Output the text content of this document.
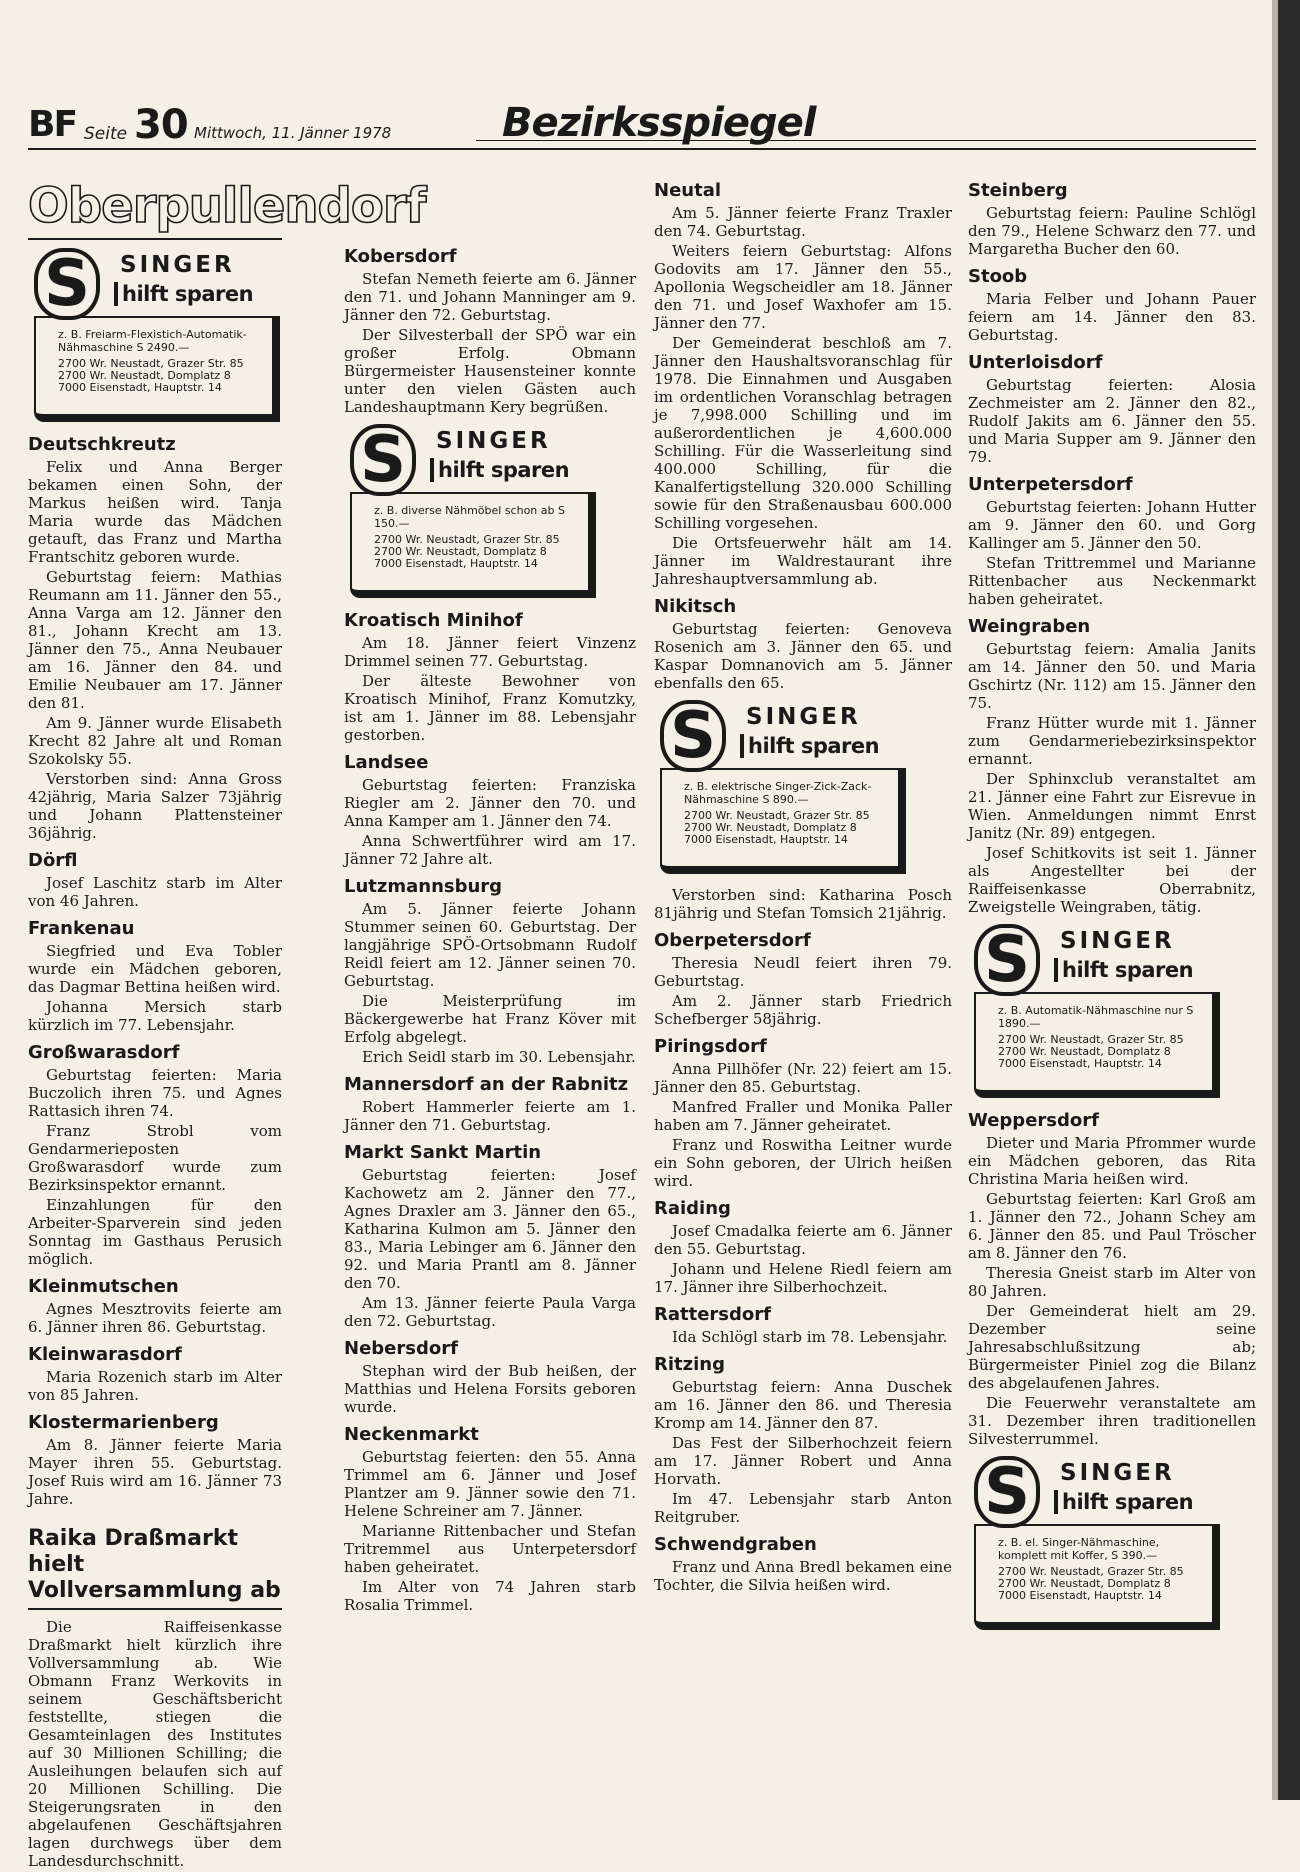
BF Seite 30 Mittwoch, 11. Jänner 1978	Bezirksspiegel
Oberpullendorf
S	SINGER
hilft sparen
z. B. Freiarm-Flexistich-Automatik-Nähmaschine S 2490.—
2700 Wr. Neustadt, Grazer Str. 85
2700 Wr. Neustadt, Domplatz 8
7000 Eisenstadt, Hauptstr. 14
Deutschkreutz

Felix und Anna Berger bekamen einen Sohn, der Markus heißen wird. Tanja Maria wurde das Mädchen getauft, das Franz und Martha Frantschitz geboren wurde.

Geburtstag feiern: Mathias Reumann am 11. Jänner den 55., Anna Varga am 12. Jänner den 81., Johann Krecht am 13. Jänner den 75., Anna Neubauer am 16. Jänner den 84. und Emilie Neubauer am 17. Jänner den 81.

Am 9. Jänner wurde Elisabeth Krecht 82 Jahre alt und Roman Szokolsky 55.

Verstorben sind: Anna Gross 42jährig, Maria Salzer 73jährig und Johann Plattensteiner 36jährig.

Dörfl

Josef Laschitz starb im Alter von 46 Jahren.

Frankenau

Siegfried und Eva Tobler wurde ein Mädchen geboren, das Dagmar Bettina heißen wird.

Johanna Mersich starb kürzlich im 77. Lebensjahr.

Großwarasdorf

Geburtstag feierten: Maria Buczolich ihren 75. und Agnes Rattasich ihren 74.

Franz Strobl vom Gendarmerieposten Großwarasdorf wurde zum Bezirksinspektor ernannt.

Einzahlungen für den Arbeiter-Sparverein sind jeden Sonntag im Gasthaus Perusich möglich.

Kleinmutschen

Agnes Mesztrovits feierte am 6. Jänner ihren 86. Geburtstag.

Kleinwarasdorf

Maria Rozenich starb im Alter von 85 Jahren.

Klostermarienberg

Am 8. Jänner feierte Maria Mayer ihren 55. Geburtstag. Josef Ruis wird am 16. Jänner 73 Jahre.

Raika Draßmarkt hielt Vollversammlung ab

Die Raiffeisenkasse Draßmarkt hielt kürzlich ihre Vollversammlung ab. Wie Obmann Franz Werkovits in seinem Geschäftsbericht feststellte, stiegen die Gesamteinlagen des Institutes auf 30 Millionen Schilling; die Ausleihungen belaufen sich auf 20 Millionen Schilling. Die Steigerungsraten in den abgelaufenen Geschäftsjahren lagen durchwegs über dem Landesdurchschnitt.

Kobersdorf

Stefan Nemeth feierte am 6. Jänner den 71. und Johann Manninger am 9. Jänner den 72. Geburtstag.

Der Silvesterball der SPÖ war ein großer Erfolg. Obmann Bürgermeister Hausensteiner konnte unter den vielen Gästen auch Landeshauptmann Kery begrüßen.

S	SINGER
hilft sparen
z. B. diverse Nähmöbel schon ab S 150.—
2700 Wr. Neustadt, Grazer Str. 85
2700 Wr. Neustadt, Domplatz 8
7000 Eisenstadt, Hauptstr. 14
Kroatisch Minihof

Am 18. Jänner feiert Vinzenz Drimmel seinen 77. Geburtstag.

Der älteste Bewohner von Kroatisch Minihof, Franz Komutzky, ist am 1. Jänner im 88. Lebensjahr gestorben.

Landsee

Geburtstag feierten: Franziska Riegler am 2. Jänner den 70. und Anna Kamper am 1. Jänner den 74.

Anna Schwertführer wird am 17. Jänner 72 Jahre alt.

Lutzmannsburg

Am 5. Jänner feierte Johann Stummer seinen 60. Geburtstag. Der langjährige SPÖ-Ortsobmann Rudolf Reidl feiert am 12. Jänner seinen 70. Geburtstag.

Die Meisterprüfung im Bäckergewerbe hat Franz Köver mit Erfolg abgelegt.

Erich Seidl starb im 30. Lebensjahr.

Mannersdorf an der Rabnitz

Robert Hammerler feierte am 1. Jänner den 71. Geburtstag.

Markt Sankt Martin

Geburtstag feierten: Josef Kachowetz am 2. Jänner den 77., Agnes Draxler am 3. Jänner den 65., Katharina Kulmon am 5. Jänner den 83., Maria Lebinger am 6. Jänner den 92. und Maria Prantl am 8. Jänner den 70.

Am 13. Jänner feierte Paula Varga den 72. Geburtstag.

Nebersdorf

Stephan wird der Bub heißen, der Matthias und Helena Forsits geboren wurde.

Neckenmarkt

Geburtstag feierten: den 55. Anna Trimmel am 6. Jänner und Josef Plantzer am 9. Jänner sowie den 71. Helene Schreiner am 7. Jänner.

Marianne Rittenbacher und Stefan Tritremmel aus Unterpetersdorf haben geheiratet.

Im Alter von 74 Jahren starb Rosalia Trimmel.

Neutal

Am 5. Jänner feierte Franz Traxler den 74. Geburtstag.

Weiters feiern Geburtstag: Alfons Godovits am 17. Jänner den 55., Apollonia Wegscheidler am 18. Jänner den 71. und Josef Waxhofer am 15. Jänner den 77.

Der Gemeinderat beschloß am 7. Jänner den Haushaltsvoranschlag für 1978. Die Einnahmen und Ausgaben im ordentlichen Voranschlag betragen je 7,998.000 Schilling und im außerordentlichen je 4,600.000 Schilling. Für die Wasserleitung sind 400.000 Schilling, für die Kanalfertigstellung 320.000 Schilling sowie für den Straßenausbau 600.000 Schilling vorgesehen.

Die Ortsfeuerwehr hält am 14. Jänner im Waldrestaurant ihre Jahreshauptversammlung ab.

Nikitsch

Geburtstag feierten: Genoveva Rosenich am 3. Jänner den 65. und Kaspar Domnanovich am 5. Jänner ebenfalls den 65.

S	SINGER
hilft sparen
z. B. elektrische Singer-Zick-Zack-Nähmaschine S 890.—
2700 Wr. Neustadt, Grazer Str. 85
2700 Wr. Neustadt, Domplatz 8
7000 Eisenstadt, Hauptstr. 14

Verstorben sind: Katharina Posch 81jährig und Stefan Tomsich 21jährig.

Oberpetersdorf

Theresia Neudl feiert ihren 79. Geburtstag.

Am 2. Jänner starb Friedrich Schefberger 58jährig.

Piringsdorf

Anna Pillhöfer (Nr. 22) feiert am 15. Jänner den 85. Geburtstag.

Manfred Fraller und Monika Paller haben am 7. Jänner geheiratet.

Franz und Roswitha Leitner wurde ein Sohn geboren, der Ulrich heißen wird.

Raiding

Josef Cmadalka feierte am 6. Jänner den 55. Geburtstag.

Johann und Helene Riedl feiern am 17. Jänner ihre Silberhochzeit.

Rattersdorf

Ida Schlögl starb im 78. Lebensjahr.

Ritzing

Geburtstag feiern: Anna Duschek am 16. Jänner den 86. und Theresia Kromp am 14. Jänner den 87.

Das Fest der Silberhochzeit feiern am 17. Jänner Robert und Anna Horvath.

Im 47. Lebensjahr starb Anton Reitgruber.

Schwendgraben

Franz und Anna Bredl bekamen eine Tochter, die Silvia heißen wird.

Steinberg

Geburtstag feiern: Pauline Schlögl den 79., Helene Schwarz den 77. und Margaretha Bucher den 60.

Stoob

Maria Felber und Johann Pauer feiern am 14. Jänner den 83. Geburtstag.

Unterloisdorf

Geburtstag feierten: Alosia Zechmeister am 2. Jänner den 82., Rudolf Jakits am 6. Jänner den 55. und Maria Supper am 9. Jänner den 79.

Unterpetersdorf

Geburtstag feierten: Johann Hutter am 9. Jänner den 60. und Gorg Kallinger am 5. Jänner den 50.

Stefan Trittremmel und Marianne Rittenbacher aus Neckenmarkt haben geheiratet.

Weingraben

Geburtstag feiern: Amalia Janits am 14. Jänner den 50. und Maria Gschirtz (Nr. 112) am 15. Jänner den 75.

Franz Hütter wurde mit 1. Jänner zum Gendarmeriebezirksinspektor ernannt.

Der Sphinxclub veranstaltet am 21. Jänner eine Fahrt zur Eisrevue in Wien. Anmeldungen nimmt Enrst Janitz (Nr. 89) entgegen.

Josef Schitkovits ist seit 1. Jänner als Angestellter bei der Raiffeisenkasse Oberrabnitz, Zweigstelle Weingraben, tätig.

S	SINGER
hilft sparen
z. B. Automatik-Nähmaschine nur S 1890.—
2700 Wr. Neustadt, Grazer Str. 85
2700 Wr. Neustadt, Domplatz 8
7000 Eisenstadt, Hauptstr. 14
Weppersdorf

Dieter und Maria Pfrommer wurde ein Mädchen geboren, das Rita Christina Maria heißen wird.

Geburtstag feierten: Karl Groß am 1. Jänner den 72., Johann Schey am 6. Jänner den 85. und Paul Tröscher am 8. Jänner den 76.

Theresia Gneist starb im Alter von 80 Jahren.

Der Gemeinderat hielt am 29. Dezember seine Jahresabschlußsitzung ab; Bürgermeister Piniel zog die Bilanz des abgelaufenen Jahres.

Die Feuerwehr veranstaltete am 31. Dezember ihren traditionellen Silvesterrummel.

S	SINGER
hilft sparen
z. B. el. Singer-Nähmaschine, komplett mit Koffer, S 390.—
2700 Wr. Neustadt, Grazer Str. 85
2700 Wr. Neustadt, Domplatz 8
7000 Eisenstadt, Hauptstr. 14
